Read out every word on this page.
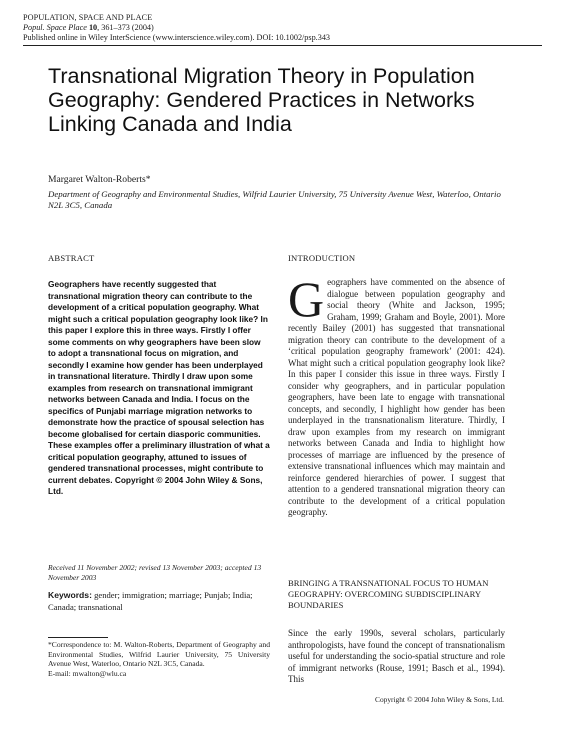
POPULATION, SPACE AND PLACE
Popul. Space Place 10, 361–373 (2004)
Published online in Wiley InterScience (www.interscience.wiley.com). DOI: 10.1002/psp.343
Transnational Migration Theory in Population Geography: Gendered Practices in Networks Linking Canada and India
Margaret Walton-Roberts*
Department of Geography and Environmental Studies, Wilfrid Laurier University, 75 University Avenue West, Waterloo, Ontario N2L 3C5, Canada
ABSTRACT

Geographers have recently suggested that transnational migration theory can contribute to the development of a critical population geography. What might such a critical population geography look like? In this paper I explore this in three ways. Firstly I offer some comments on why geographers have been slow to adopt a transnational focus on migration, and secondly I examine how gender has been underplayed in transnational literature. Thirdly I draw upon some examples from research on transnational immigrant networks between Canada and India. I focus on the specifics of Punjabi marriage migration networks to demonstrate how the practice of spousal selection has become globalised for certain diasporic communities. These examples offer a preliminary illustration of what a critical population geography, attuned to issues of gendered transnational processes, might contribute to current debates. Copyright © 2004 John Wiley & Sons, Ltd.

Received 11 November 2002; revised 13 November 2003; accepted 13 November 2003
Keywords: gender; immigration; marriage; Punjab; India; Canada; transnational
*Correspondence to: M. Walton-Roberts, Department of Geography and Environmental Studies, Wilfrid Laurier University, 75 University Avenue West, Waterloo, Ontario N2L 3C5, Canada.
E-mail: mwalton@wlu.ca
INTRODUCTION

Geographers have commented on the absence of dialogue between population geography and social theory (White and Jackson, 1995; Graham, 1999; Graham and Boyle, 2001). More recently Bailey (2001) has suggested that transnational migration theory can contribute to the development of a ‘critical population geography framework’ (2001: 424). What might such a critical population geography look like? In this paper I consider this issue in three ways. Firstly I consider why geographers, and in particular population geographers, have been late to engage with transnational concepts, and secondly, I highlight how gender has been underplayed in the transnationalism literature. Thirdly, I draw upon examples from my research on immigrant networks between Canada and India to highlight how processes of marriage are influenced by the presence of extensive transnational influences which may maintain and reinforce gendered hierarchies of power. I suggest that attention to a gendered transnational migration theory can contribute to the development of a critical population geography.

BRINGING A TRANSNATIONAL FOCUS TO HUMAN GEOGRAPHY: OVERCOMING SUBDISCIPLINARY BOUNDARIES

Since the early 1990s, several scholars, particularly anthropologists, have found the concept of transnationalism useful for understanding the socio-spatial structure and role of immigrant networks (Rouse, 1991; Basch et al., 1994). This

Copyright © 2004 John Wiley & Sons, Ltd.
